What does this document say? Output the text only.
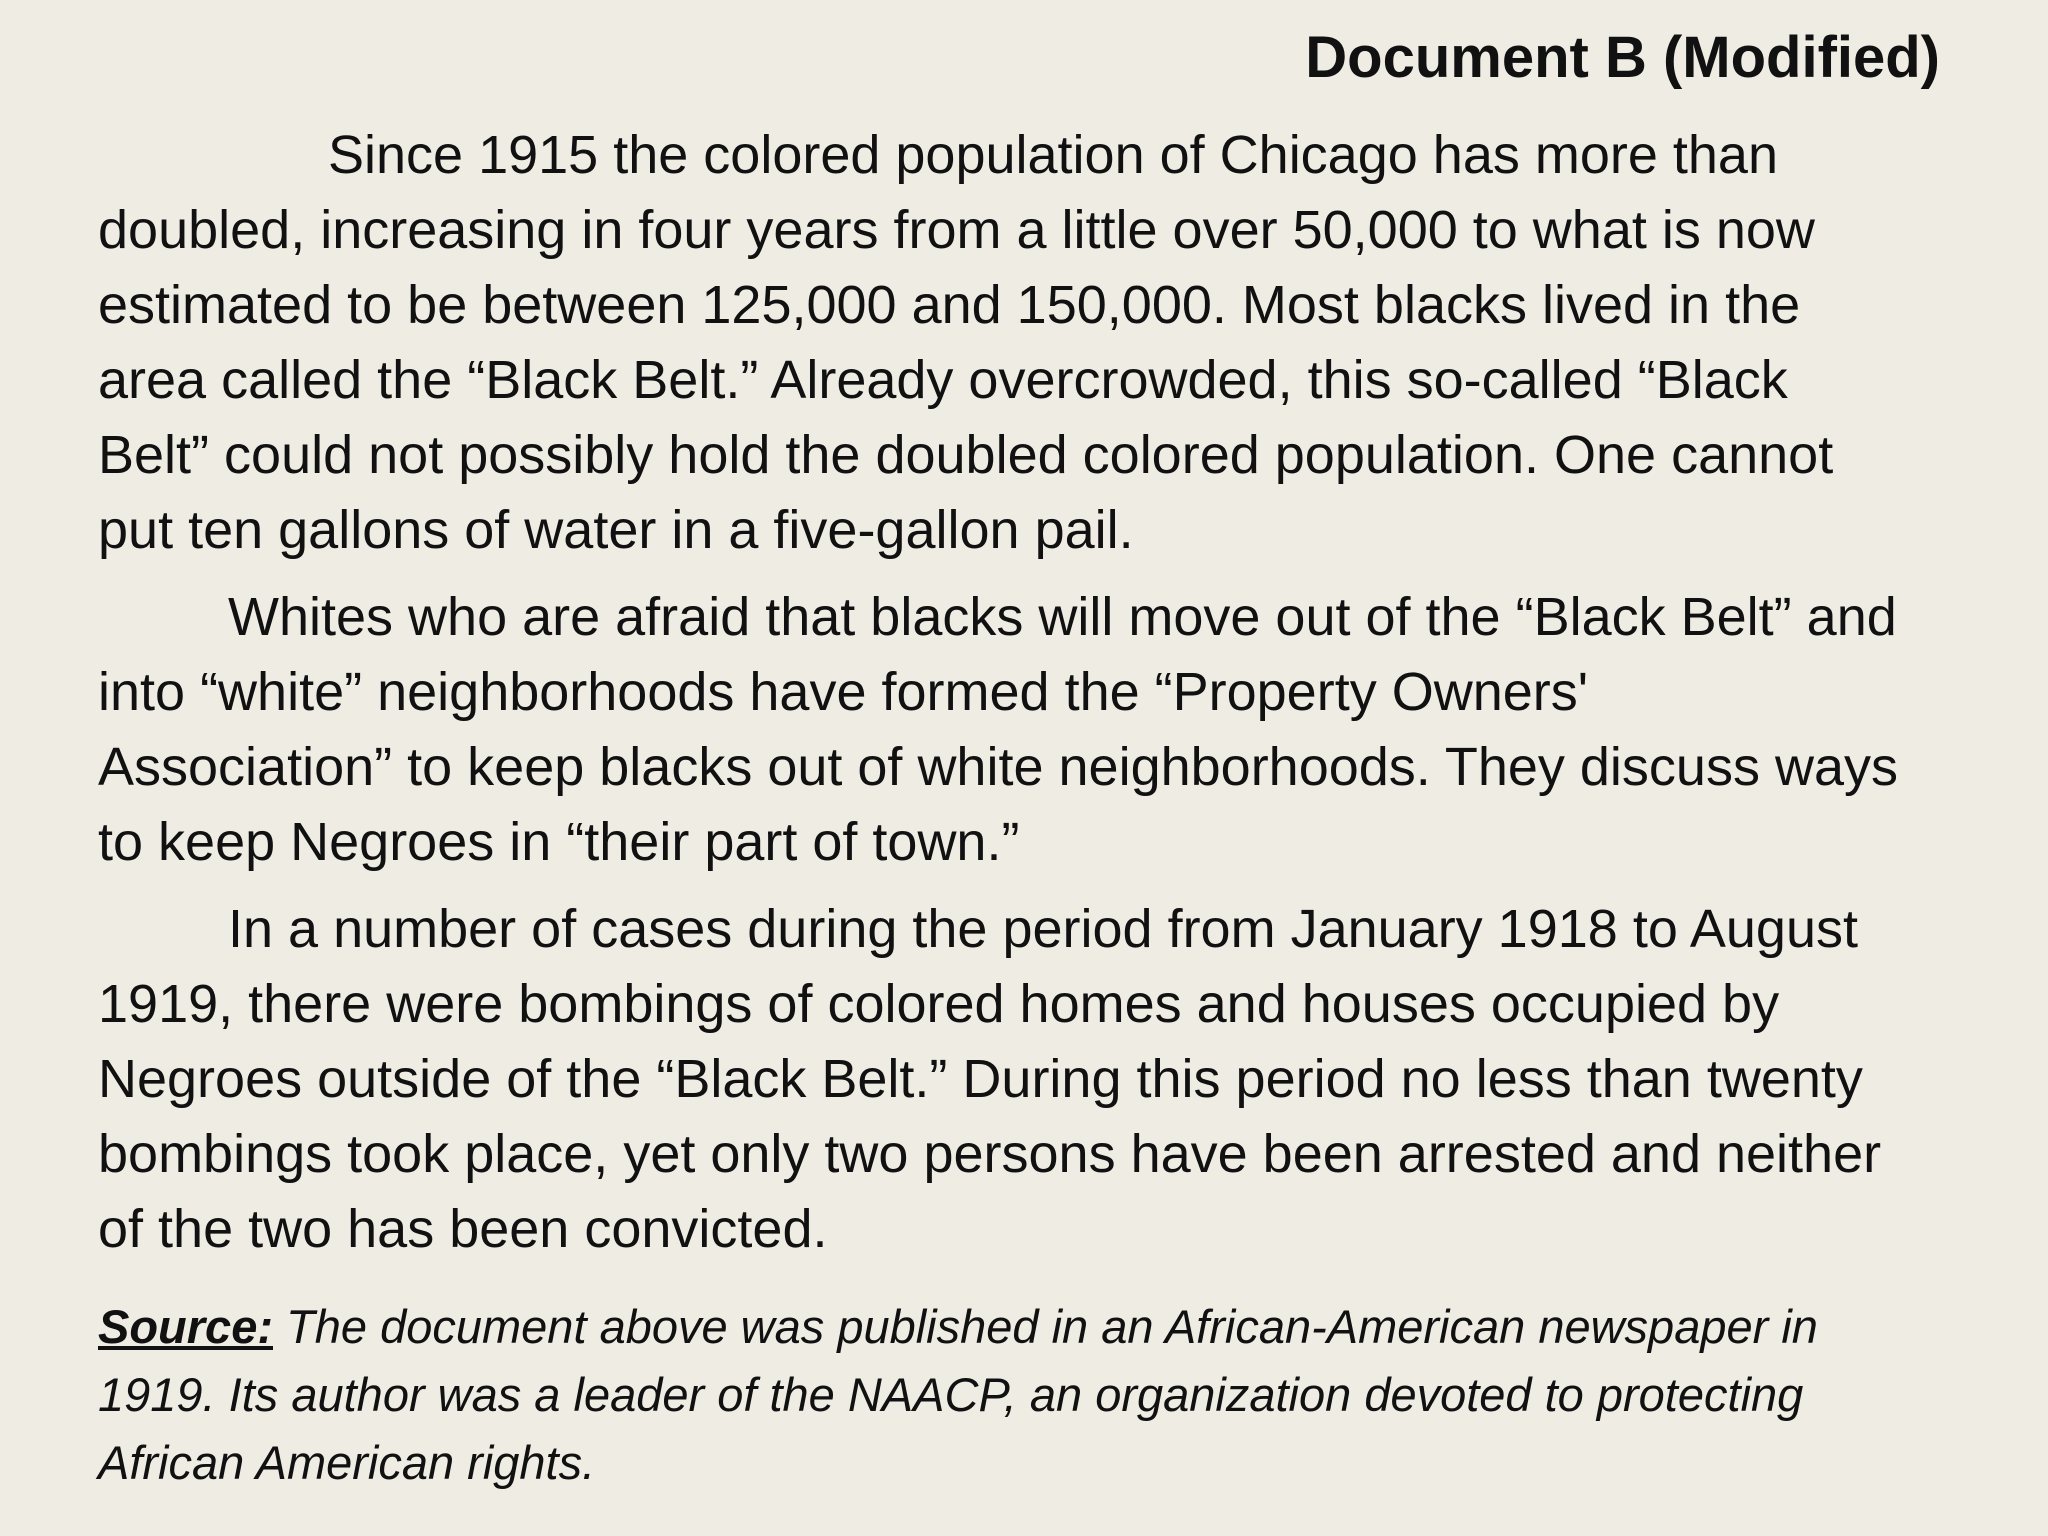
Document B (Modified)

Since 1915 the colored population of Chicago has more than
doubled, increasing in four years from a little over 50,000 to what is now
estimated to be between 125,000 and 150,000. Most blacks lived in the
area called the “Black Belt.” Already overcrowded, this so-called “Black
Belt” could not possibly hold the doubled colored population. One cannot
put ten gallons of water in a five-gallon pail.

Whites who are afraid that blacks will move out of the “Black Belt” and
into “white” neighborhoods have formed the “Property Owners'
Association” to keep blacks out of white neighborhoods. They discuss ways
to keep Negroes in “their part of town.”

In a number of cases during the period from January 1918 to August
1919, there were bombings of colored homes and houses occupied by
Negroes outside of the “Black Belt.” During this period no less than twenty
bombings took place, yet only two persons have been arrested and neither
of the two has been convicted.

Source: The document above was published in an African-American newspaper in
1919. Its author was a leader of the NAACP, an organization devoted to protecting
African American rights.
